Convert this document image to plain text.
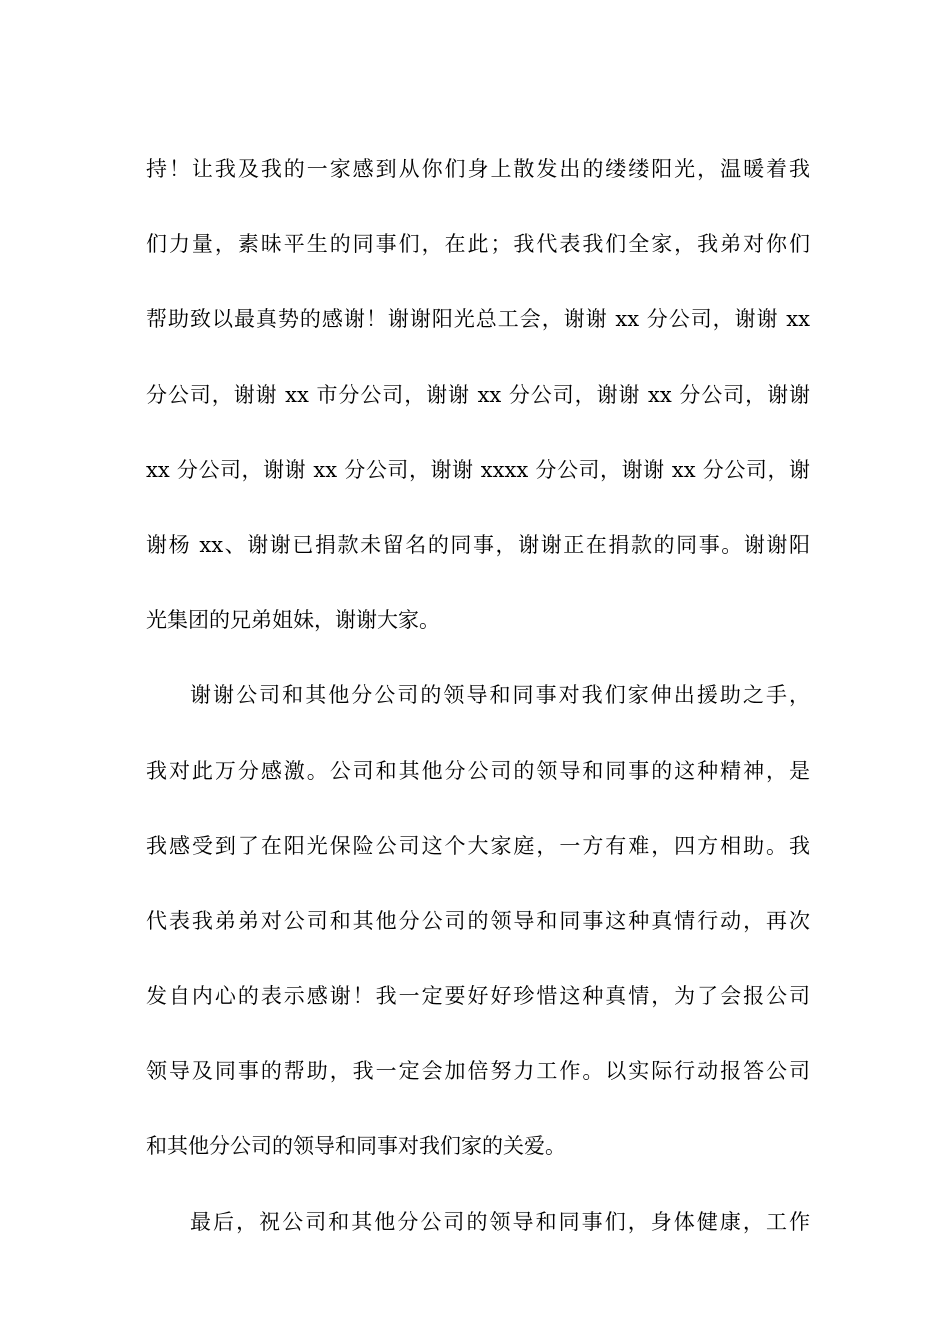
持！让我及我的一家感到从你们身上散发出的缕缕阳光，温暖着我
们力量，素昧平生的同事们，在此；我代表我们全家，我弟对你们
帮助致以最真势的感谢！谢谢阳光总工会，谢谢 xx 分公司，谢谢 xx
分公司，谢谢 xx 市分公司，谢谢 xx 分公司，谢谢 xx 分公司，谢谢
xx 分公司，谢谢 xx 分公司，谢谢 xxxx 分公司，谢谢 xx 分公司，谢
谢杨 xx、谢谢已捐款未留名的同事，谢谢正在捐款的同事。谢谢阳
光集团的兄弟姐妹，谢谢大家。
谢谢公司和其他分公司的领导和同事对我们家伸出援助之手，
我对此万分感激。公司和其他分公司的领导和同事的这种精神，是
我感受到了在阳光保险公司这个大家庭，一方有难，四方相助。我
代表我弟弟对公司和其他分公司的领导和同事这种真情行动，再次
发自内心的表示感谢！我一定要好好珍惜这种真情，为了会报公司
领导及同事的帮助，我一定会加倍努力工作。以实际行动报答公司
和其他分公司的领导和同事对我们家的关爱。
最后，祝公司和其他分公司的领导和同事们，身体健康，工作
